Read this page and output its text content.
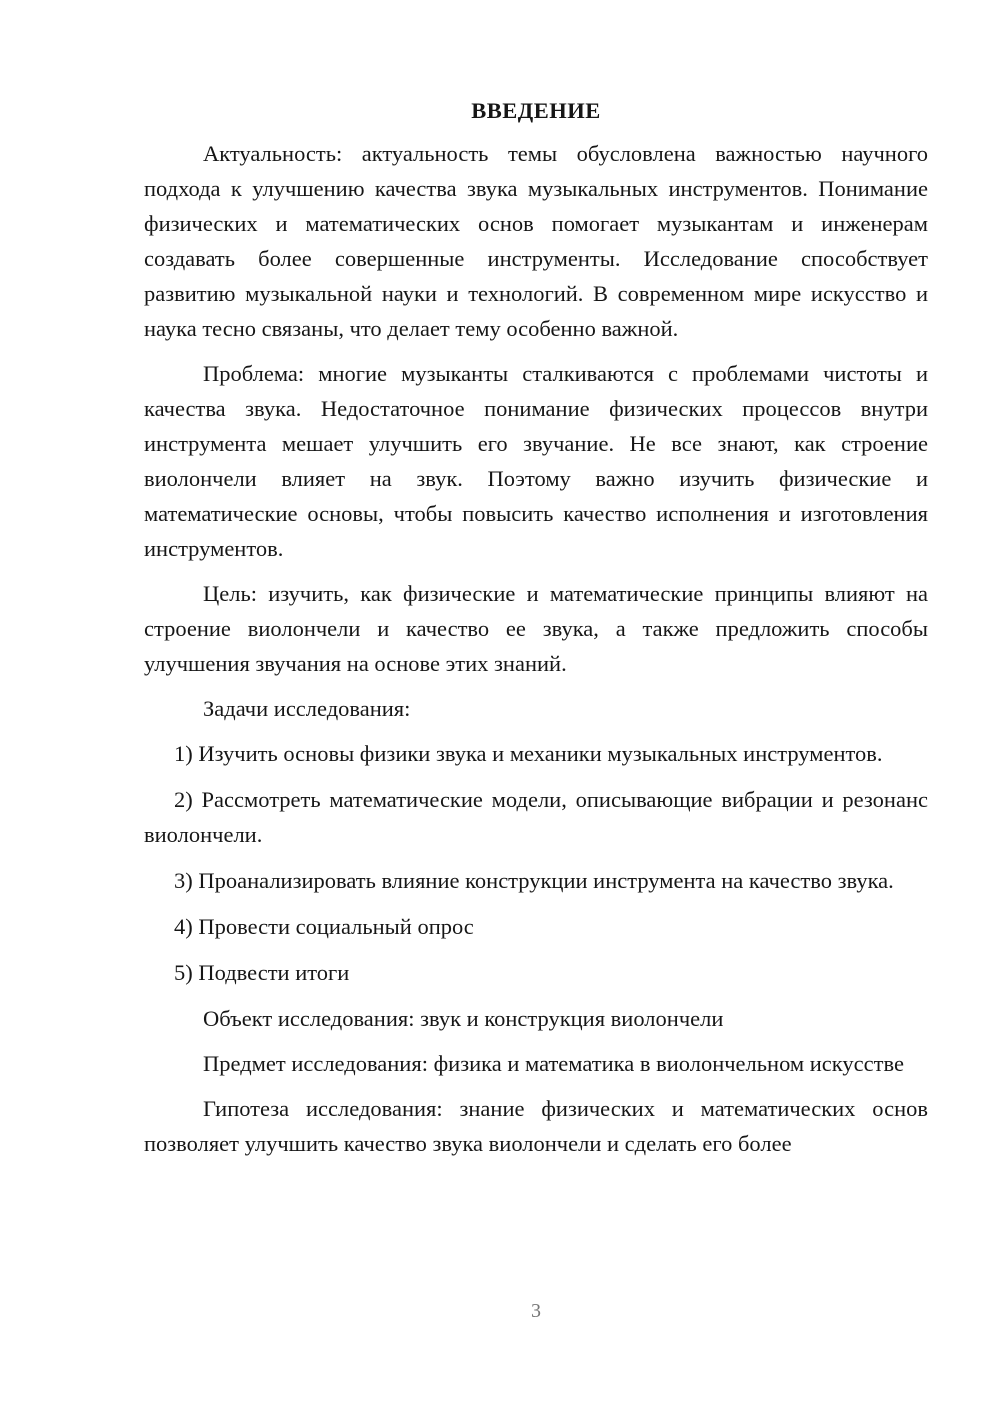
ВВЕДЕНИЕ

Актуальность: актуальность темы обусловлена важностью научного подхода к улучшению качества звука музыкальных инструментов. Понимание физических и математических основ помогает музыкантам и инженерам создавать более совершенные инструменты. Исследование способствует развитию музыкальной науки и технологий. В современном мире искусство и наука тесно связаны, что делает тему особенно важной.

Проблема: многие музыканты сталкиваются с проблемами чистоты и качества звука. Недостаточное понимание физических процессов внутри инструмента мешает улучшить его звучание. Не все знают, как строение виолончели влияет на звук. Поэтому важно изучить физические и математические основы, чтобы повысить качество исполнения и изготовления инструментов.

Цель: изучить, как физические и математические принципы влияют на строение виолончели и качество ее звука, а также предложить способы улучшения звучания на основе этих знаний.

Задачи исследования:

1) Изучить основы физики звука и механики музыкальных инструментов.

2) Рассмотреть математические модели, описывающие вибрации и резонанс виолончели.

3) Проанализировать влияние конструкции инструмента на качество звука.

4) Провести социальный опрос

5) Подвести итоги

Объект исследования: звук и конструкция виолончели

Предмет исследования: физика и математика в виолончельном искусстве

Гипотеза исследования: знание физических и математических основ позволяет улучшить качество звука виолончели и сделать его более

3
